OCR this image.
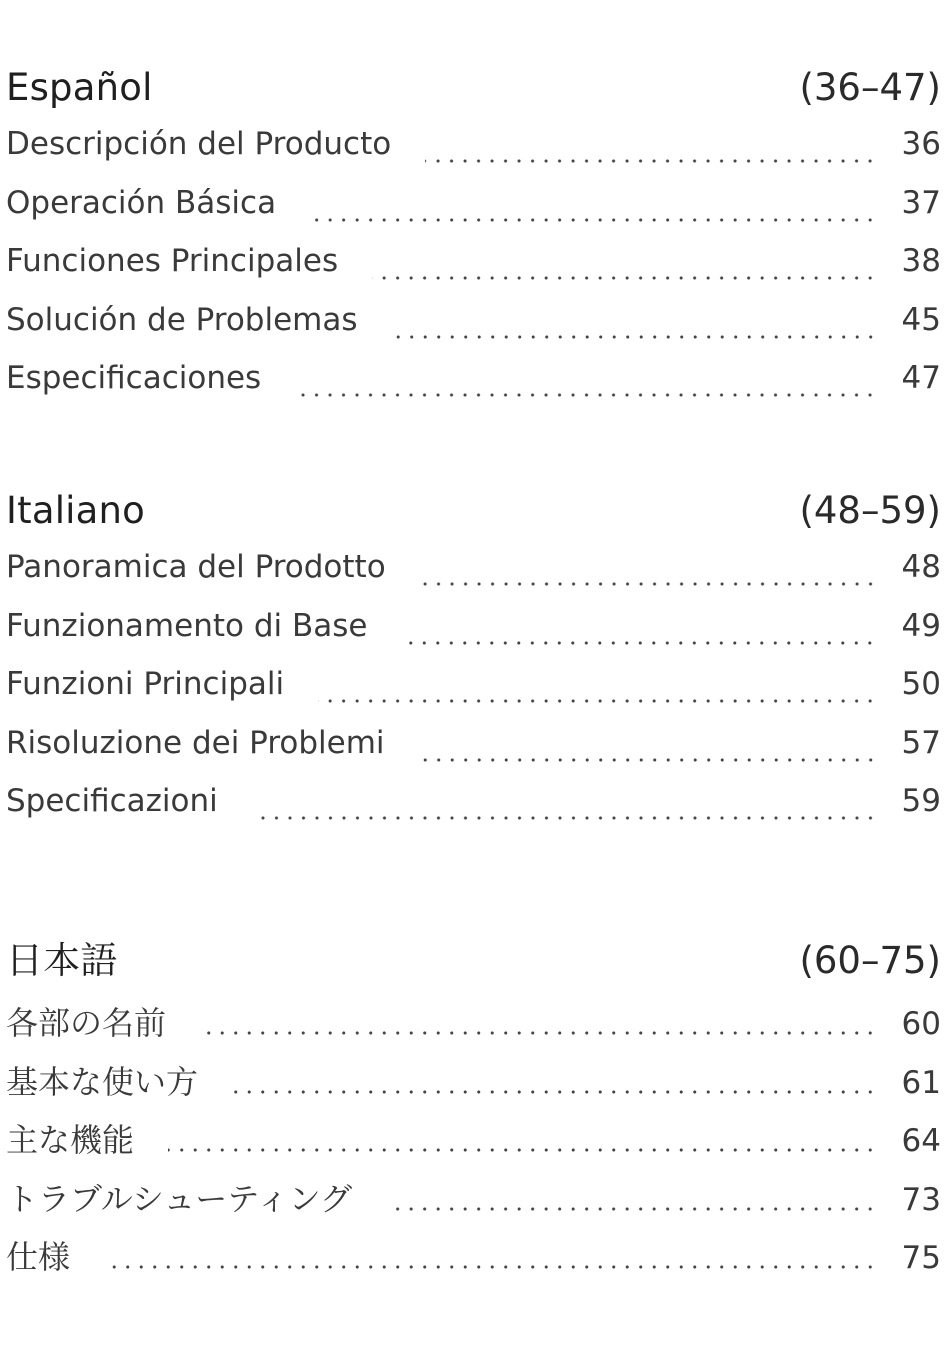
Español	(36–47)
Descripción del Producto	36
Operación Básica	37
Funciones Principales	38
Solución de Problemas	45
Especificaciones	47
Italiano	(48–59)
Panoramica del Prodotto	48
Funzionamento di Base	49
Funzioni Principali	50
Risoluzione dei Problemi	57
Specificazioni	59
日本語	(60–75)
各部の名前	60
基本な使い方	61
主な機能	64
トラブルシューティング	73
仕様	75
